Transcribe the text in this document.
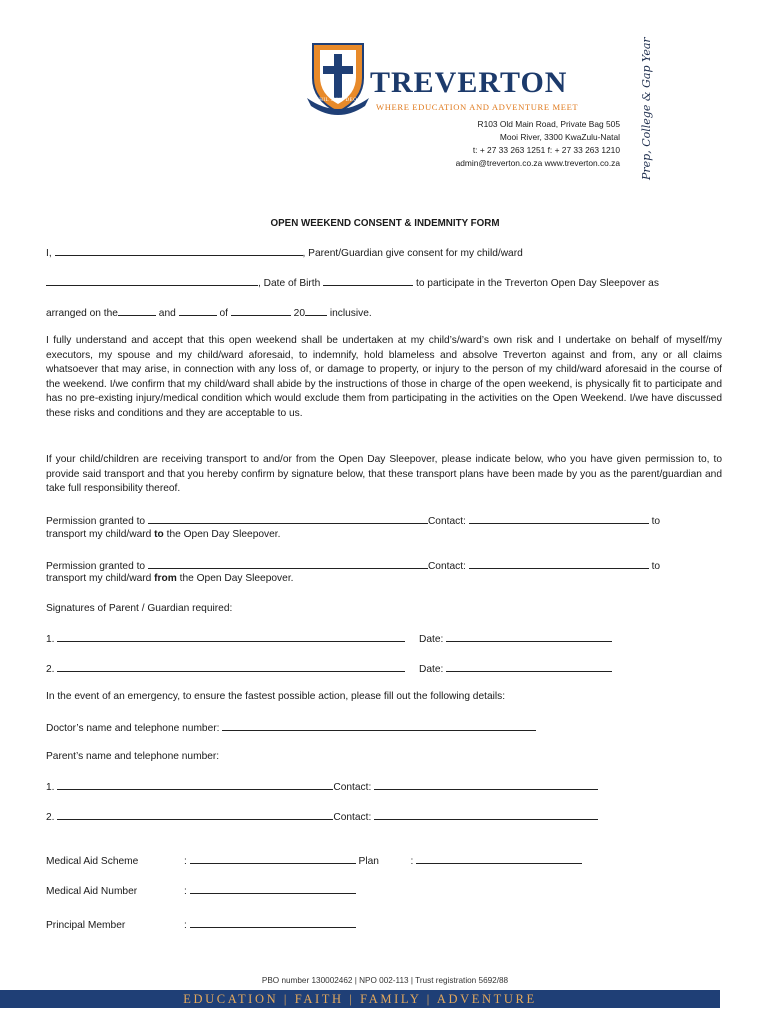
NIHIL SINE DEO
TREVERTON
WHERE EDUCATION AND ADVENTURE MEET
R103 Old Main Road, Private Bag 505
Mooi River, 3300 KwaZulu-Natal
t: + 27 33 263 1251 f: + 27 33 263 1210
admin@treverton.co.za www.treverton.co.za Prep, College & Gap Year
OPEN WEEKEND CONSENT & INDEMNITY FORM
I,	, Parent/Guardian give consent for my child/ward
, Date of Birth	to participate in the Treverton Open Day Sleepover as
arranged on the	and	of	20 inclusive.
I fully understand and accept that this open weekend shall be undertaken at my child’s/ward’s own risk and I undertake on behalf of myself/my executors, my spouse and my child/ward aforesaid, to indemnify, hold blameless and absolve Treverton against and from, any or all claims whatsoever that may arise, in connection with any loss of, or damage to property, or injury to the person of my child/ward aforesaid in the course of the weekend. I/we confirm that my child/ward shall abide by the instructions of those in charge of the open weekend, is physically fit to participate and has no pre-existing injury/medical condition which would exclude them from participating in the activities on the Open Weekend. I/we have discussed these risks and conditions and they are acceptable to us.
If your child/children are receiving transport to and/or from the Open Day Sleepover, please indicate below, who you have given permission to, to provide said transport and that you hereby confirm by signature below, that these transport plans have been made by you as the parent/guardian and take full responsibility thereof.
Permission granted to	Contact:	to
transport my child/ward to the Open Day Sleepover.
Permission granted to	Contact:	to
transport my child/ward from the Open Day Sleepover.
Signatures of Parent / Guardian required:
1.	Date:
2.	Date:
In the event of an emergency, to ensure the fastest possible action, please fill out the following details:
Doctor’s name and telephone number:
Parent’s name and telephone number:
1.	Contact:
2.	Contact:
Medical Aid Scheme	:	Plan	:
Medical Aid Number	:
Principal Member	:
PBO number 130002462 | NPO 002-113 | Trust registration 5692/88
EDUCATION | FAITH | FAMILY | ADVENTURE
